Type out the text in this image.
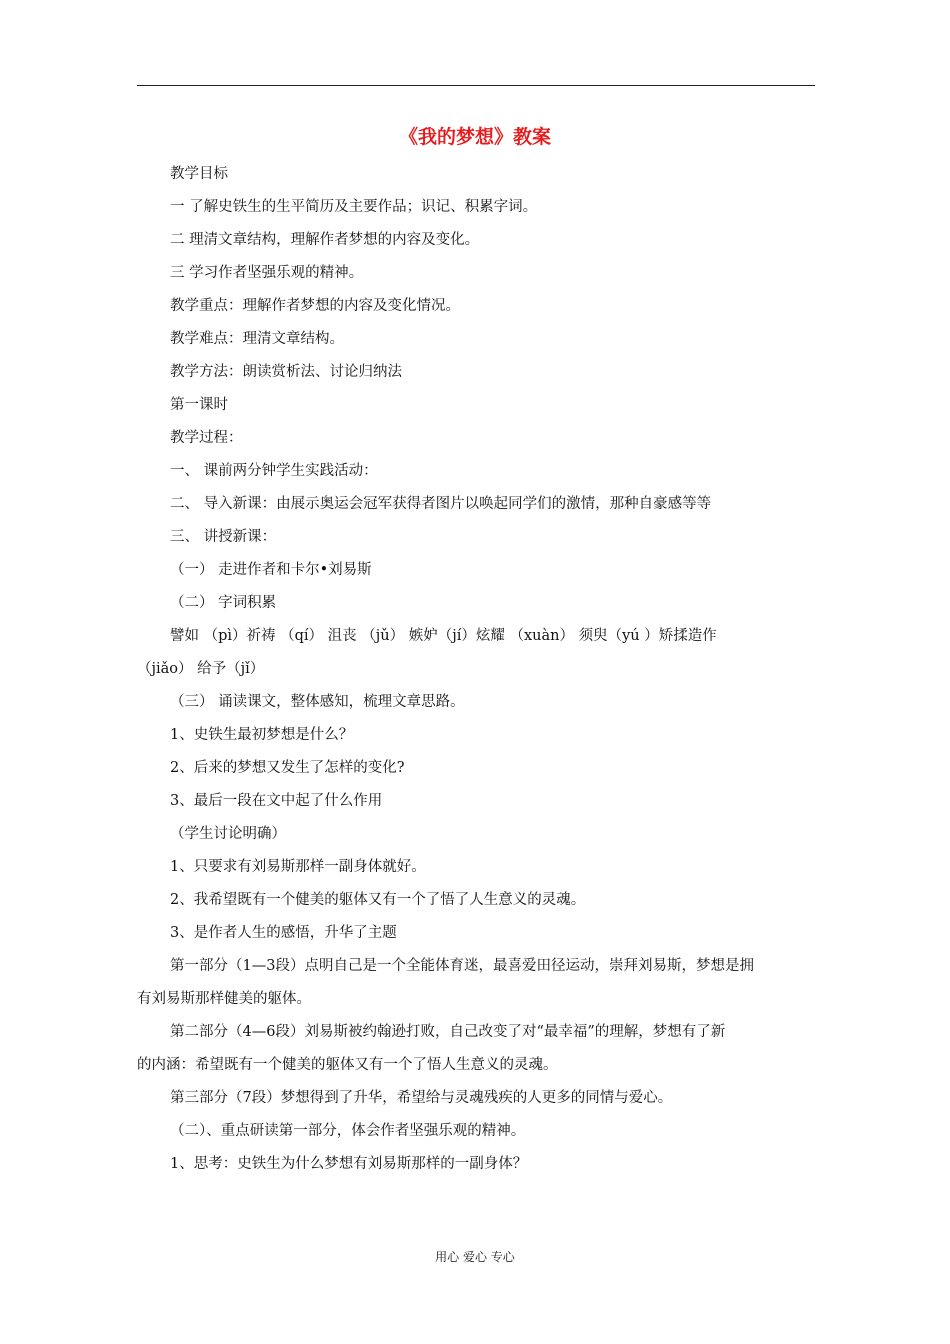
《我的梦想》教案
教学目标
一 了解史铁生的生平简历及主要作品；识记、积累字词。
二 理清文章结构，理解作者梦想的内容及变化。
三 学习作者坚强乐观的精神。
教学重点：理解作者梦想的内容及变化情况。
教学难点：理清文章结构。
教学方法：朗读赏析法、讨论归纳法
第一课时
教学过程：
一、 课前两分钟学生实践活动：
二、 导入新课：由展示奥运会冠军获得者图片以唤起同学们的激情，那种自豪感等等
三、 讲授新课：
（一） 走进作者和卡尔•刘易斯
（二） 字词积累
譬如 （pì）祈祷 （qí） 沮丧 （jǔ） 嫉妒（jí）炫耀 （xuàn） 须臾（yú ）矫揉造作
（jiǎo） 给予（jǐ）
（三） 诵读课文，整体感知，梳理文章思路。
1、史铁生最初梦想是什么？
2、后来的梦想又发生了怎样的变化?
3、最后一段在文中起了什么作用
（学生讨论明确）
1、只要求有刘易斯那样一副身体就好。
2、我希望既有一个健美的躯体又有一个了悟了人生意义的灵魂。
3、是作者人生的感悟，升华了主题
第一部分（1—3段）点明自己是一个全能体育迷，最喜爱田径运动，崇拜刘易斯，梦想是拥
有刘易斯那样健美的躯体。
第二部分（4—6段）刘易斯被约翰逊打败，自己改变了对“最幸福”的理解，梦想有了新
的内涵：希望既有一个健美的躯体又有一个了悟人生意义的灵魂。
第三部分（7段）梦想得到了升华，希望给与灵魂残疾的人更多的同情与爱心。
（二）、重点研读第一部分，体会作者坚强乐观的精神。
1、思考：史铁生为什么梦想有刘易斯那样的一副身体？
用心 爱心 专心
